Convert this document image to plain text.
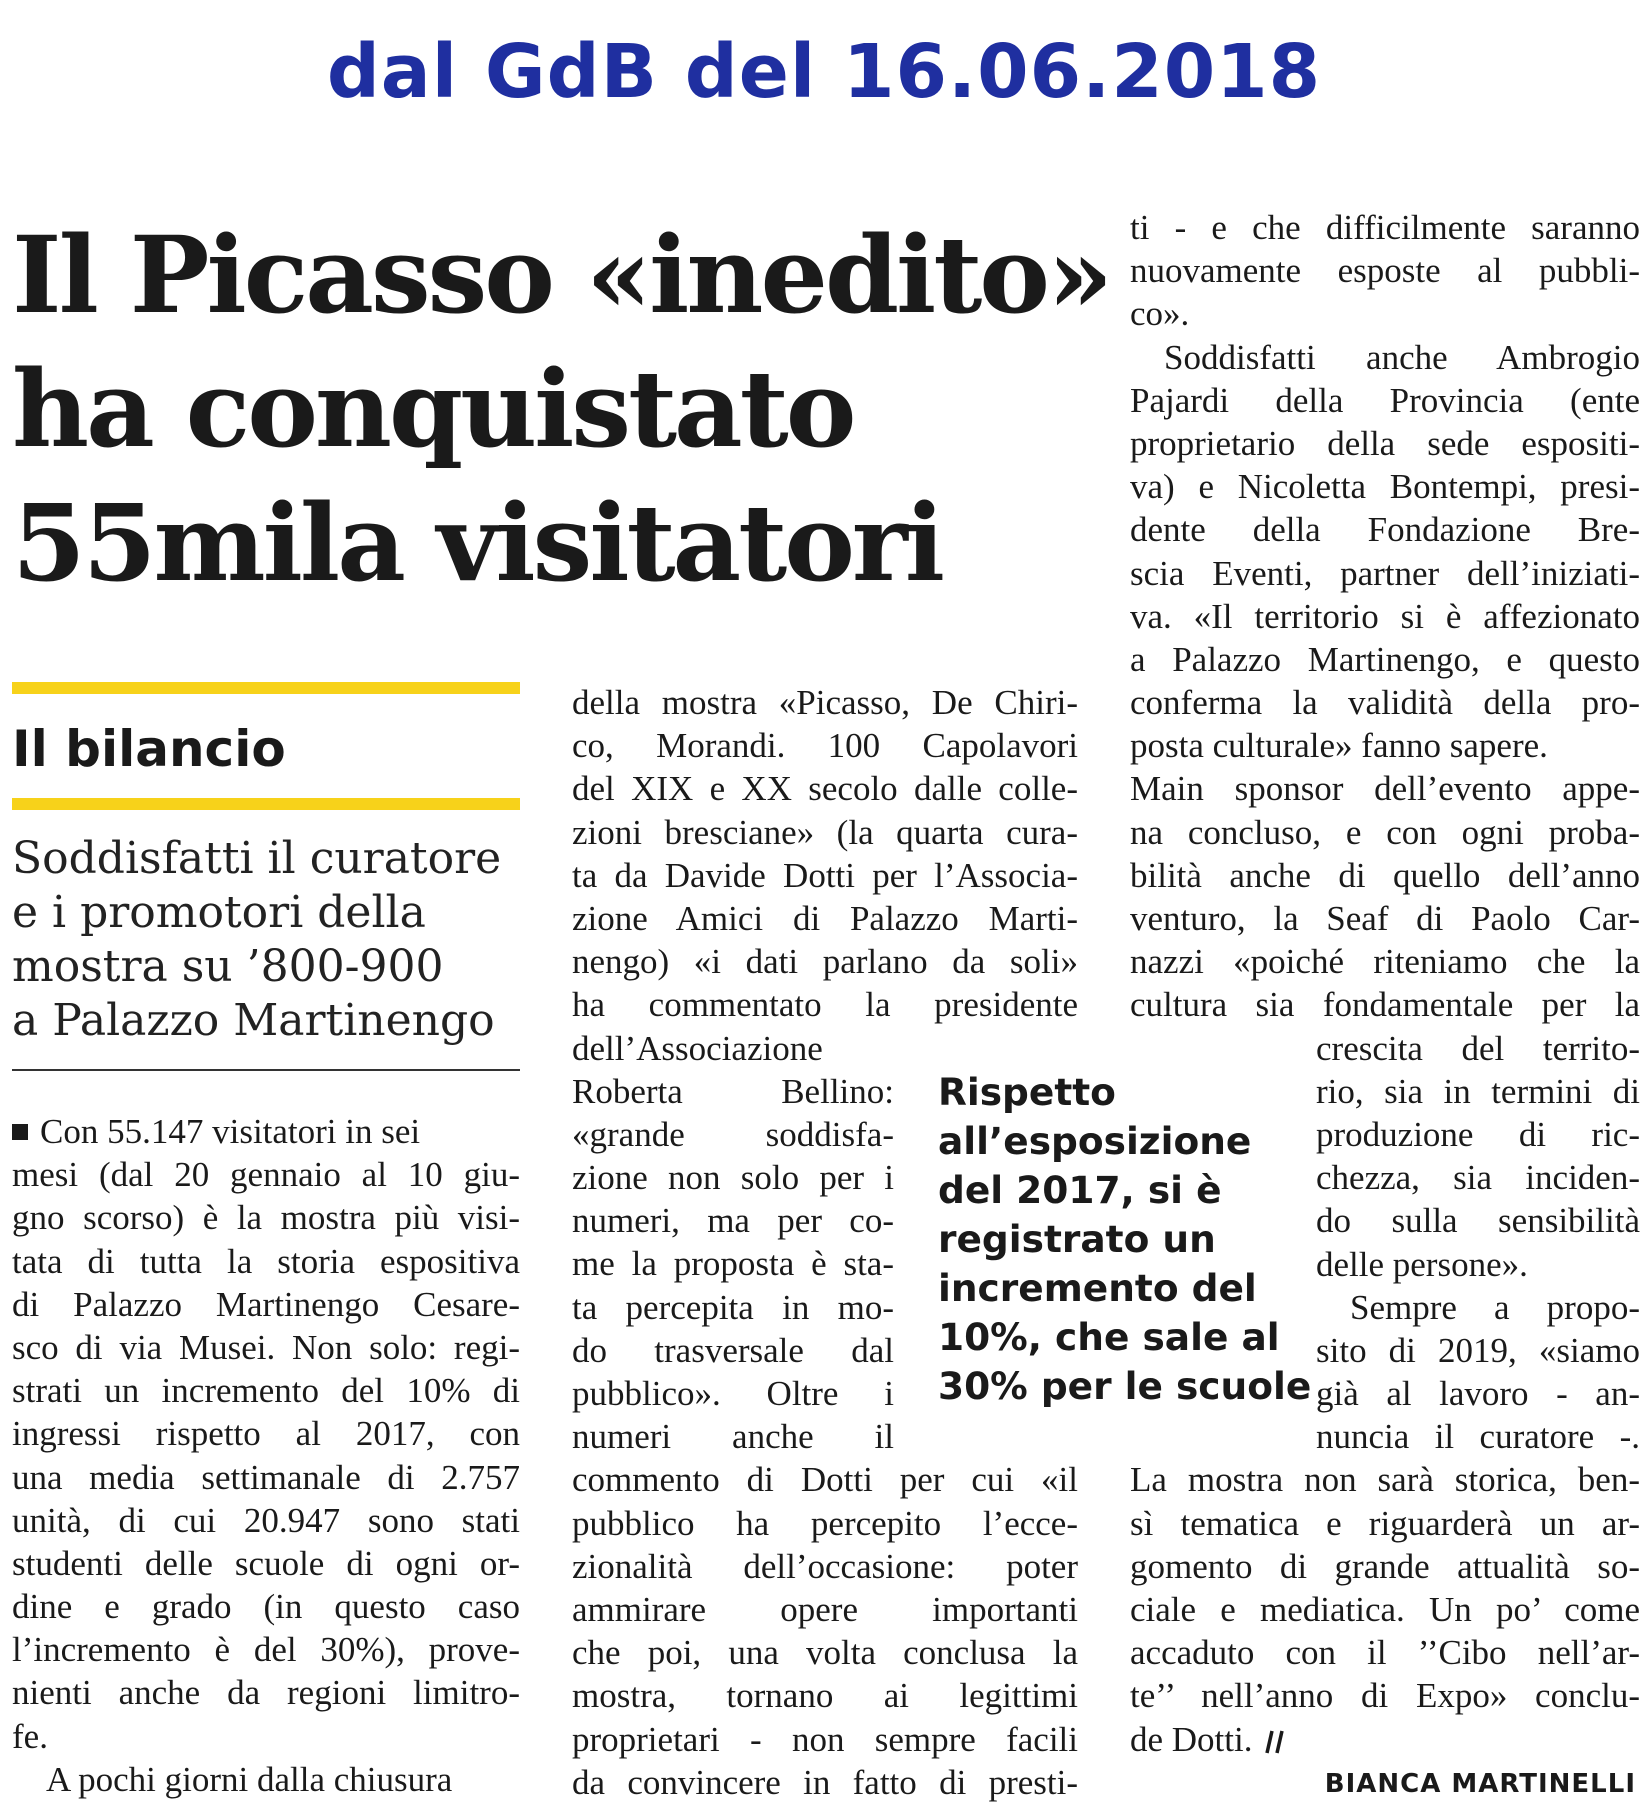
dal GdB del 16.06.2018
Il Picasso «inedito»
ha conquistato
55mila visitatori
Il bilancio
Soddisfatti il curatore
e i promotori della
mostra su ’800-900
a Palazzo Martinengo
Con 55.147 visitatori in sei
mesi (dal 20 gennaio al 10 giu-
gno scorso) è la mostra più visi-
tata di tutta la storia espositiva
di Palazzo Martinengo Cesare-
sco di via Musei. Non solo: regi-
strati un incremento del 10% di
ingressi rispetto al 2017, con
una media settimanale di 2.757
unità, di cui 20.947 sono stati
studenti delle scuole di ogni or-
dine e grado (in questo caso
l’incremento è del 30%), prove-
nienti anche da regioni limitro-
fe.
A pochi giorni dalla chiusura
della mostra «Picasso, De Chiri-
co, Morandi. 100 Capolavori
del XIX e XX secolo dalle colle-
zioni bresciane» (la quarta cura-
ta da Davide Dotti per l’Associa-
zione Amici di Palazzo Marti-
nengo) «i dati parlano da soli»
ha commentato la presidente
dell’Associazione
Roberta Bellino:
«grande soddisfa-
zione non solo per i
numeri, ma per co-
me la proposta è sta-
ta percepita in mo-
do trasversale dal
pubblico». Oltre i
numeri anche il
commento di Dotti per cui «il
pubblico ha percepito l’ecce-
zionalità dell’occasione: poter
ammirare opere importanti
che poi, una volta conclusa la
mostra, tornano ai legittimi
proprietari - non sempre facili
da convincere in fatto di presti-
ti - e che difficilmente saranno
nuovamente esposte al pubbli-
co».
Soddisfatti anche Ambrogio
Pajardi della Provincia (ente
proprietario della sede espositi-
va) e Nicoletta Bontempi, presi-
dente della Fondazione Bre-
scia Eventi, partner dell’iniziati-
va. «Il territorio si è affezionato
a Palazzo Martinengo, e questo
conferma la validità della pro-
posta culturale» fanno sapere.
Main sponsor dell’evento appe-
na concluso, e con ogni proba-
bilità anche di quello dell’anno
venturo, la Seaf di Paolo Car-
nazzi «poiché riteniamo che la
cultura sia fondamentale per la
crescita del territo-
rio, sia in termini di
produzione di ric-
chezza, sia inciden-
do sulla sensibilità
delle persone».
Sempre a propo-
sito di 2019, «siamo
già al lavoro - an-
nuncia il curatore -.
La mostra non sarà storica, ben-
sì tematica e riguarderà un ar-
gomento di grande attualità so-
ciale e mediatica. Un po’ come
accaduto con il ’’Cibo nell’ar-
te’’ nell’anno di Expo» conclu-
de Dotti.
Rispetto
all’esposizione
del 2017, si è
registrato un
incremento del
10%, che sale al
30% per le scuole
BIANCA MARTINELLI
